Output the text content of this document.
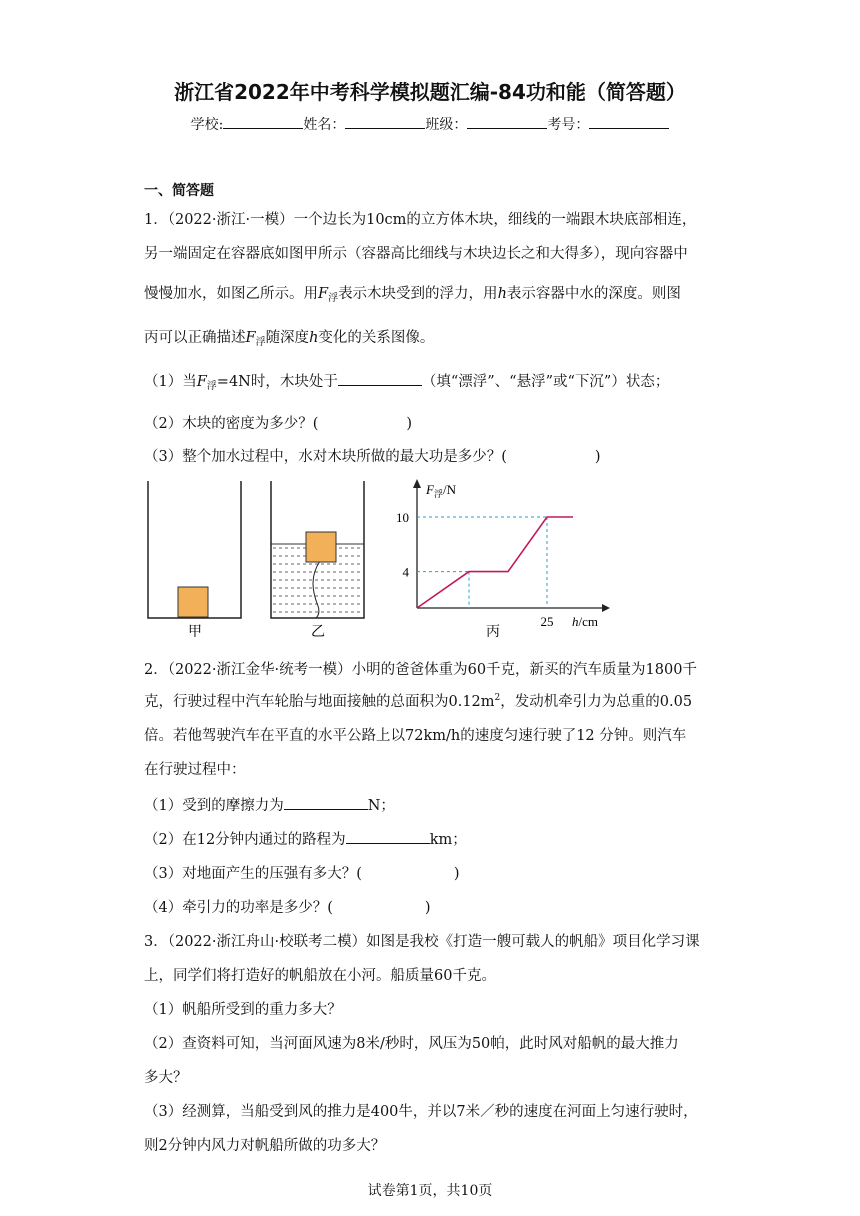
浙江省2022年中考科学模拟题汇编-84功和能（简答题）
学校:	姓名：	班级：	考号：
一、简答题
1．（2022·浙江·一模）一个边长为10cm的立方体木块，细线的一端跟木块底部相连，
另一端固定在容器底如图甲所示（容器高比细线与木块边长之和大得多），现向容器中
慢慢加水，如图乙所示。用$F_浮$表示木块受到的浮力，用h表示容器中水的深度。则图
丙可以正确描述$F_浮$随深度h变化的关系图像。
（1）当$F_浮=4N$时，木块处于	（填“漂浮”、“悬浮”或“下沉”）状态；
（2）木块的密度为多少？(	)
（3）整个加水过程中，水对木块所做的最大功是多少？(	)
甲	乙
10
4
25
丙
$F_浮/N$
h/cm
2．（2022·浙江金华·统考一模）小明的爸爸体重为60千克，新买的汽车质量为1800千
克，行驶过程中汽车轮胎与地面接触的总面积为$0.12m^2$，发动机牵引力为总重的0.05
倍。若他驾驶汽车在平直的水平公路上以72km/h的速度匀速行驶了12 分钟。则汽车
在行驶过程中：
（1）受到的摩擦力为	N；
（2）在12分钟内通过的路程为	km；
（3）对地面产生的压强有多大？(	)
（4）牵引力的功率是多少？(	)
3．（2022·浙江舟山·校联考二模）如图是我校《打造一艘可载人的帆船》项目化学习课
上，同学们将打造好的帆船放在小河。船质量60千克。
（1）帆船所受到的重力多大？
（2）查资料可知，当河面风速为8米/秒时，风压为50帕，此时风对船帆的最大推力
多大？
（3）经测算，当船受到风的推力是400牛，并以7米／秒的速度在河面上匀速行驶时，
则2分钟内风力对帆船所做的功多大？
试卷第1页，共10页
